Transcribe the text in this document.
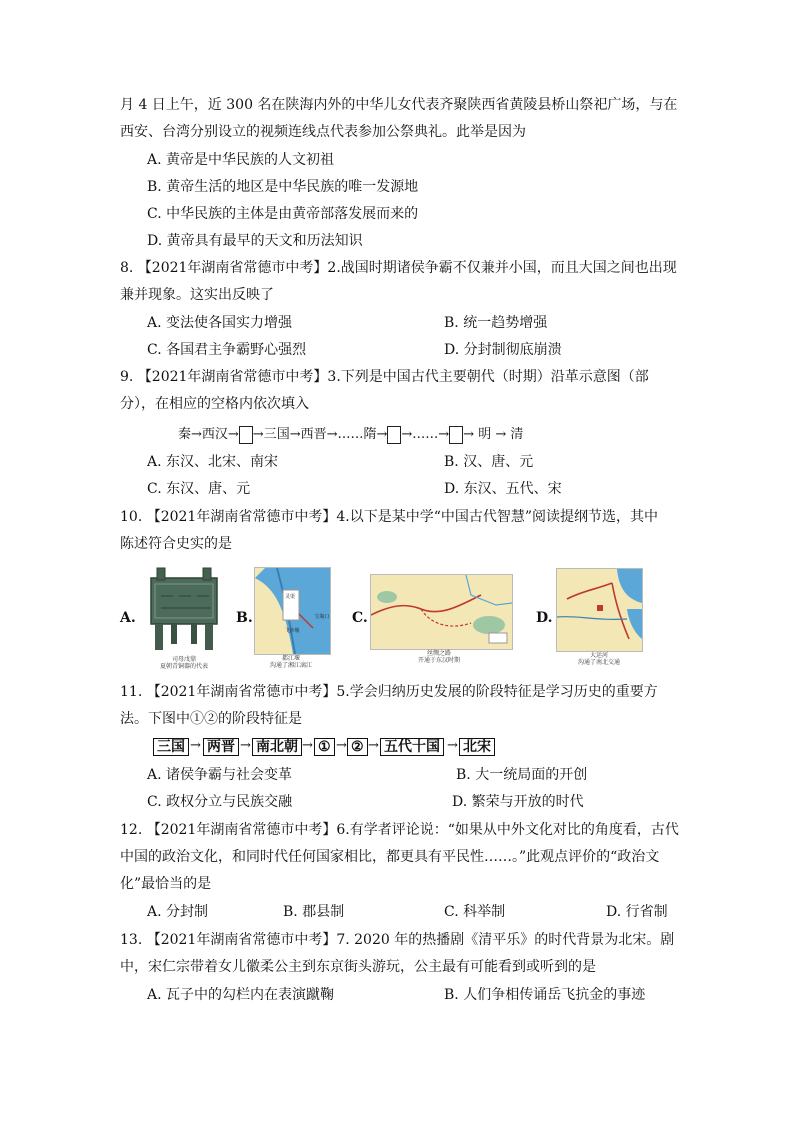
月 4 日上午，近 300 名在陕海内外的中华儿女代表齐聚陕西省黄陵县桥山祭祀广场，与在
西安、台湾分别设立的视频连线点代表参加公祭典礼。此举是因为
A. 黄帝是中华民族的人文初祖
B. 黄帝生活的地区是中华民族的唯一发源地
C. 中华民族的主体是由黄帝部落发展而来的
D. 黄帝具有最早的天文和历法知识
8. 【2021年湖南省常德市中考】2.战国时期诸侯争霸不仅兼并小国，而且大国之间也出现
兼并现象。这实出反映了
A. 变法使各国实力增强	B. 统一趋势增强
C. 各国君主争霸野心强烈	D. 分封制彻底崩溃
9. 【2021年湖南省常德市中考】3.下列是中国古代主要朝代（时期）沿革示意图（部
分），在相应的空格内依次填入
秦→西汉→ →三国→西晋→……隋→ →……→ → 明 → 清
A. 东汉、北宋、南宋	B. 汉、唐、元
C. 东汉、唐、元	D. 东汉、五代、宋
10. 【2021年湖南省常德市中考】4.以下是某中学“中国古代智慧”阅读提纲节选，其中
陈述符合史实的是
A.
司母戊鼎
夏朝青铜器的代表
B.
飞沙堰
宝瓶口
灵渠
都江堰
沟通了湘江漓江
C.
丝绸之路
开通于东汉时期
D.
大运河
沟通了南北交通
11. 【2021年湖南省常德市中考】5.学会归纳历史发展的阶段特征是学习历史的重要方
法。下图中①②的阶段特征是
三国 → 两晋 → 南北朝 → ① → ② → 五代十国 → 北宋
A. 诸侯争霸与社会变革	B. 大一统局面的开创
C. 政权分立与民族交融	D. 繁荣与开放的时代
12. 【2021年湖南省常德市中考】6.有学者评论说：“如果从中外文化对比的角度看，古代
中国的政治文化，和同时代任何国家相比，都更具有平民性……。”此观点评价的“政治文
化”最恰当的是
A. 分封制	B. 郡县制	C. 科举制	D. 行省制
13. 【2021年湖南省常德市中考】7. 2020 年的热播剧《清平乐》的时代背景为北宋。剧
中，宋仁宗带着女儿徽柔公主到东京街头游玩，公主最有可能看到或听到的是
A. 瓦子中的勾栏内在表演蹴鞠	B. 人们争相传诵岳飞抗金的事迹
